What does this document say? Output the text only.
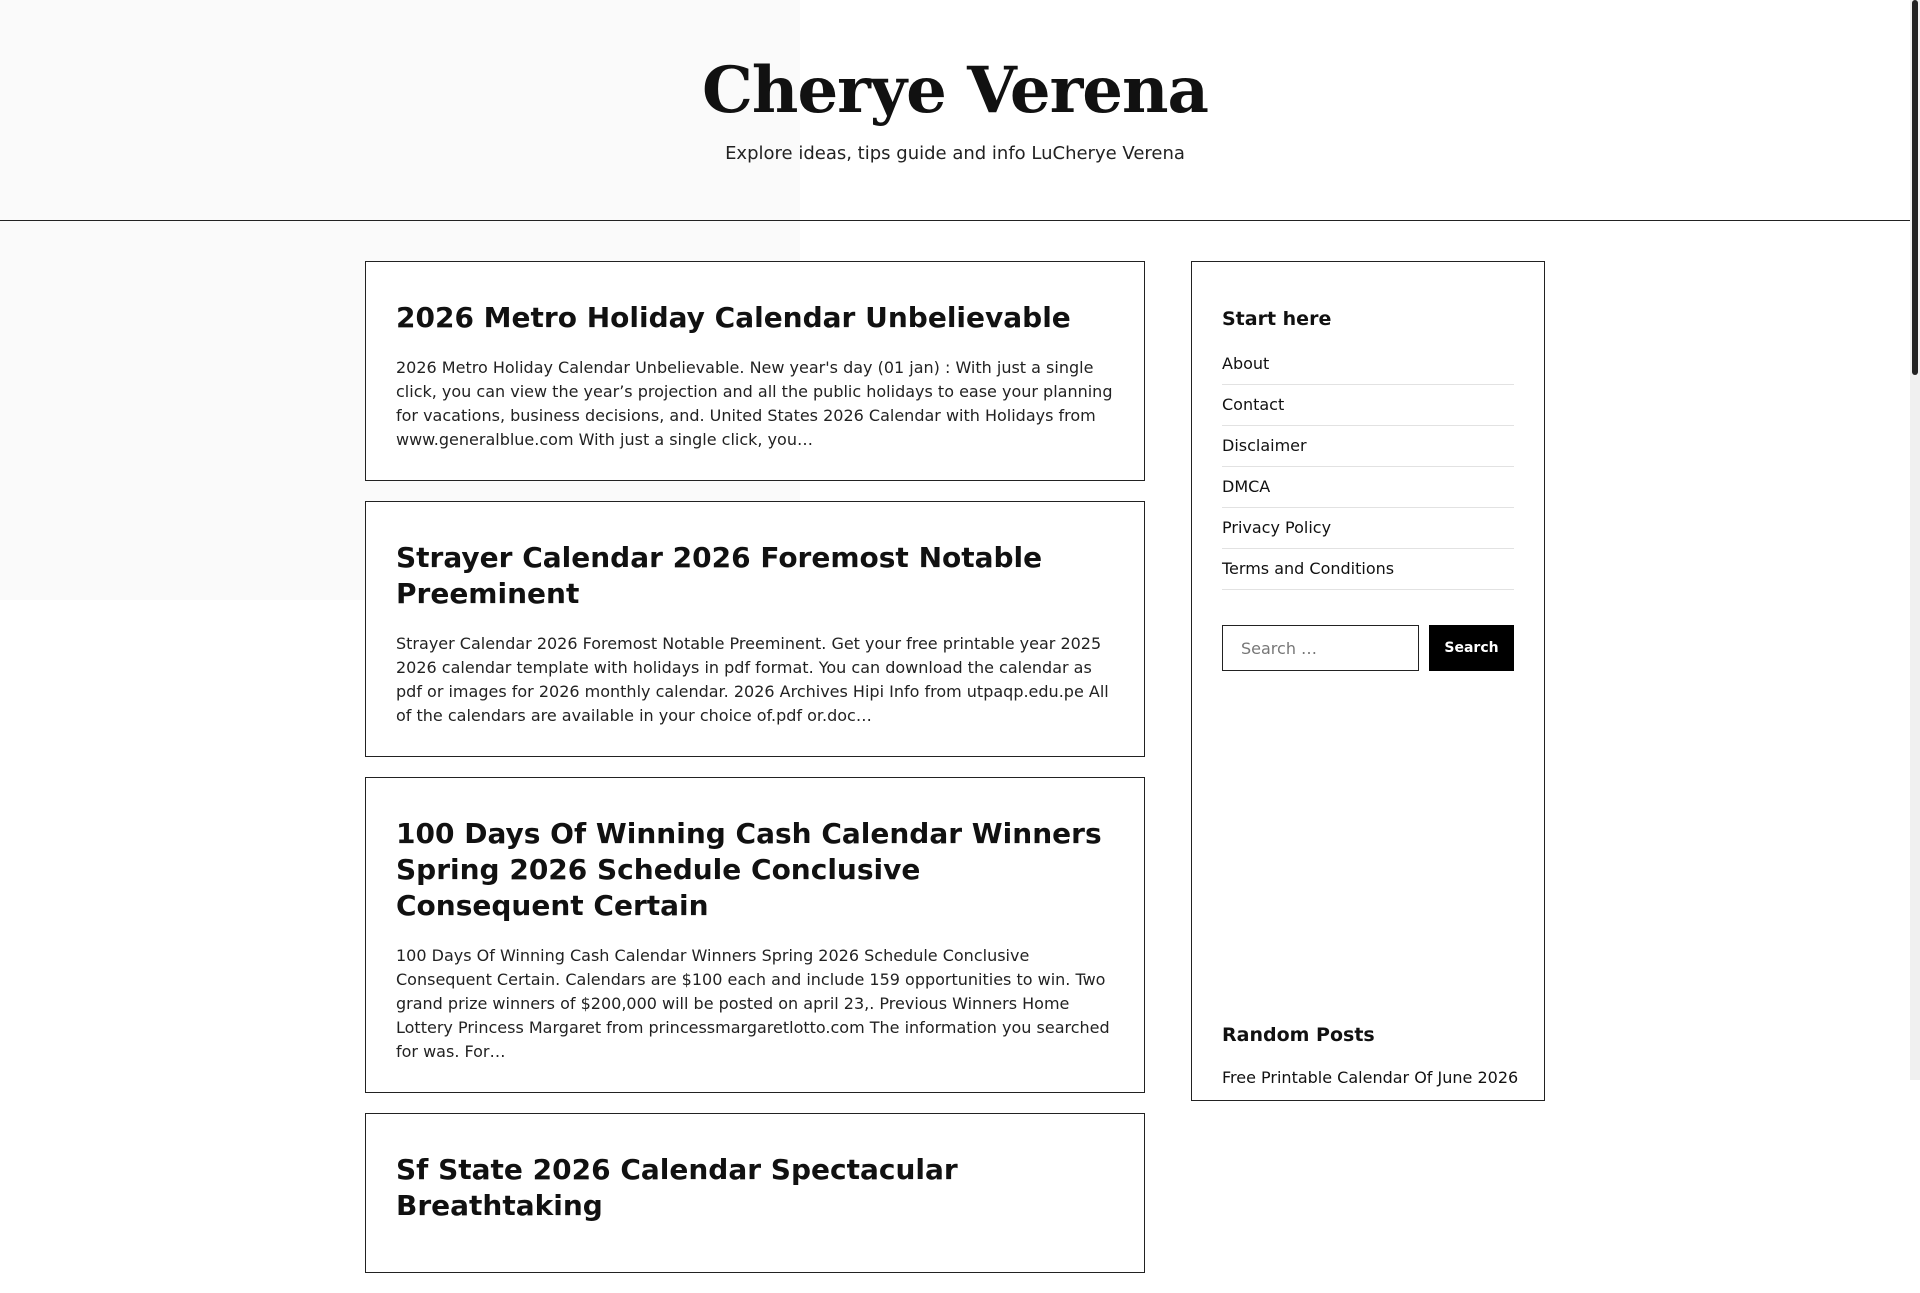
Cherye Verena
Explore ideas, tips guide and info LuCherye Verena
2026 Metro Holiday Calendar Unbelievable

2026 Metro Holiday Calendar Unbelievable. New year's day (01 jan) : With just a single click, you can view the year’s projection and all the public holidays to ease your planning for vacations, business decisions, and. United States 2026 Calendar with Holidays from www.generalblue.com With just a single click, you…

Strayer Calendar 2026 Foremost Notable Preeminent

Strayer Calendar 2026 Foremost Notable Preeminent. Get your free printable year 2025 2026 calendar template with holidays in pdf format. You can download the calendar as pdf or images for 2026 monthly calendar. 2026 Archives Hipi Info from utpaqp.edu.pe All of the calendars are available in your choice of.pdf or.doc…

100 Days Of Winning Cash Calendar Winners Spring 2026 Schedule Conclusive Consequent Certain

100 Days Of Winning Cash Calendar Winners Spring 2026 Schedule Conclusive Consequent Certain. Calendars are $100 each and include 159 opportunities to win. Two grand prize winners of $200,000 will be posted on april 23,. Previous Winners Home Lottery Princess Margaret from princessmargaretlotto.com The information you searched for was. For…

Sf State 2026 Calendar Spectacular Breathtaking

Start here
About
Contact
Disclaimer
DMCA
Privacy Policy
Terms and Conditions
Search …
Search
Random Posts
Free Printable Calendar Of June 2026
